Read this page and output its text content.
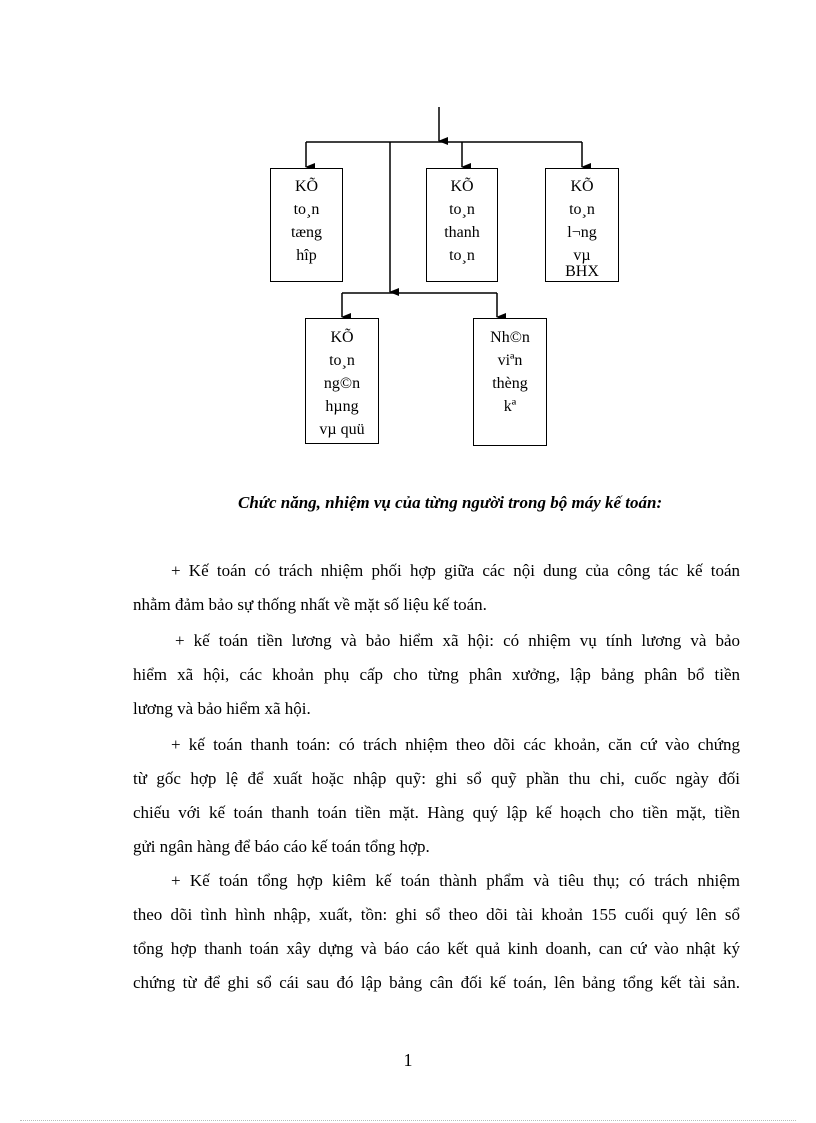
KÕ
to¸n
tæng
hîp
KÕ
to¸n
thanh
to¸n
KÕ
to¸n
l¬ng
vµ
BHX
KÕ
to¸n
ng©n
hµng
vµ quü
Nh©n
viªn
thèng
kª
Chức năng, nhiệm vụ của từng người trong bộ máy kế toán:
+ Kế toán có trách nhiệm phối hợp giữa các nội dung của công tác kế toán
nhằm đảm bảo sự thống nhất về mặt số liệu kế toán.
+ kế toán tiền lương và bảo hiểm xã hội: có nhiệm vụ tính lương và bảo
hiểm xã hội, các khoản phụ cấp cho từng phân xưởng, lập bảng phân bổ tiền
lương và bảo hiểm xã hội.
+ kế toán thanh toán: có trách nhiệm theo dõi các khoản, căn cứ vào chứng
từ gốc hợp lệ để xuất hoặc nhập quỹ: ghi sổ quỹ phần thu chi, cuốc ngày đối
chiếu với kế toán thanh toán tiền mặt. Hàng quý lập kế hoạch cho tiền mặt, tiền
gửi ngân hàng để báo cáo kế toán tổng hợp.
+ Kế toán tổng hợp kiêm kế toán thành phẩm và tiêu thụ; có trách nhiệm
theo dõi tình hình nhập, xuất, tồn: ghi sổ theo dõi tài khoản 155 cuối quý lên sổ
tổng hợp thanh toán xây dựng và báo cáo kết quả kinh doanh, can cứ vào nhật ký
chứng từ để ghi sổ cái sau đó lập bảng cân đối kế toán, lên bảng tổng kết tài sản.
1
